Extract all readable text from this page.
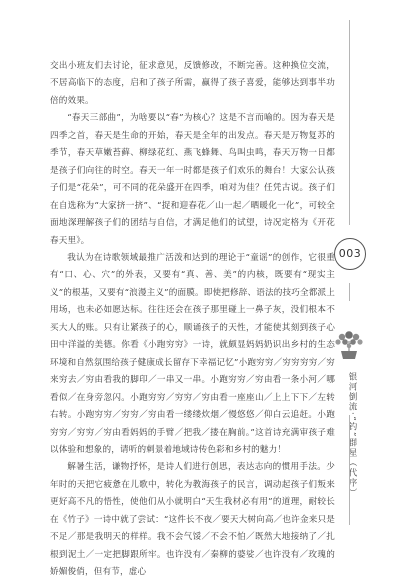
交出小班友们去讨论，征求意见，反馈修改，不断完善。这种换位交流，不居高临下的态度，启和了孩子所需，赢得了孩子喜爱，能够达到事半功倍的效果。

“春天三部曲”，为啥要以“春”为核心？这是不言而喻的。因为春天是四季之首，春天是生命的开始，春天是全年的出发点。春天是万物复苏的季节，春天草嫩苔藓、柳绿花红、燕飞蜂舞、鸟叫虫鸣，春天万物一日都是孩子们向往的时空。春天一年一时都是孩子们欢乐的舞台！大家公认孩子们是“花朵”，可不同的花朵盛开在四季，咱对为佳？任凭古说。孩子们在自选称为“大家挤一挤”、“捉和迎春花／山一起／晒暖化一化”，可较全面地深理解孩子们的团结与自信，才满足他们的试望，诗况定格为《开花春天里》。

我认为在诗歌领域最推广活泼和达到的理论于“童谣”的创作，它很重有“口、心、穴”的外表，又要有“真、善、美”的内核，既要有“现实主义”的根基，又要有“浪漫主义”的面膜。即使把修辞、语法的技巧全都派上用场，也未必如愿达标。往往还会在孩子那里碰上一鼻子灰，没们根本不买大人的账。只有让紧孩子的心，顺诵孩子的天性，才能使其刻到孩子心田中洋溢的美德。你看《小跑穷穷》一诗，就颇显妈妈奶识出乡村的生态环境和自然氛围给孩子健康成长留存下幸福记忆”小跑穷穷／穷穷穷穷／穷来穷去／穷由看我的脚印／一串又一串。小跑穷穷／穷由看一条小河／哪看似／在身旁忽闪。小跑穷穷／穷穷／穷由看一座座山／上上下下／左转右转。小跑穷穷／穷穷／穷由看一缕缕炊烟／慢悠悠／仰白云追赶。小跑穷穷／穷穷／穷由看妈妈的手臂／把我／搂在胸前。”这首诗充满审孩子难以体验和想象的，请听的刺景着地域诗传色彩和乡村的魅力！

解暑生活，谦物抒怀，是诗人们进行创思，表达志向的惯用手法。少年时的天把它疲惫在儿歌中，转化为教海孩子的民言，调动起孩子们叛来更好高不凡的悟性，使他们从小就明白“天生我材必有用”的道理，耐较长在《竹子》一诗中就了尝试：“这件长不夜／要天大树向高／也许金来只是不足／那是我明天的样样。我不会气馁／不会不怕／既然大地接纳了／扎根到泥土／一定把脚跟所牢。也许没有／秦柳的婆娑／也许没有／玫瑰的娇媚俊俏，但有节，虚心

003
银河倒流·“钓”群星（代序）
